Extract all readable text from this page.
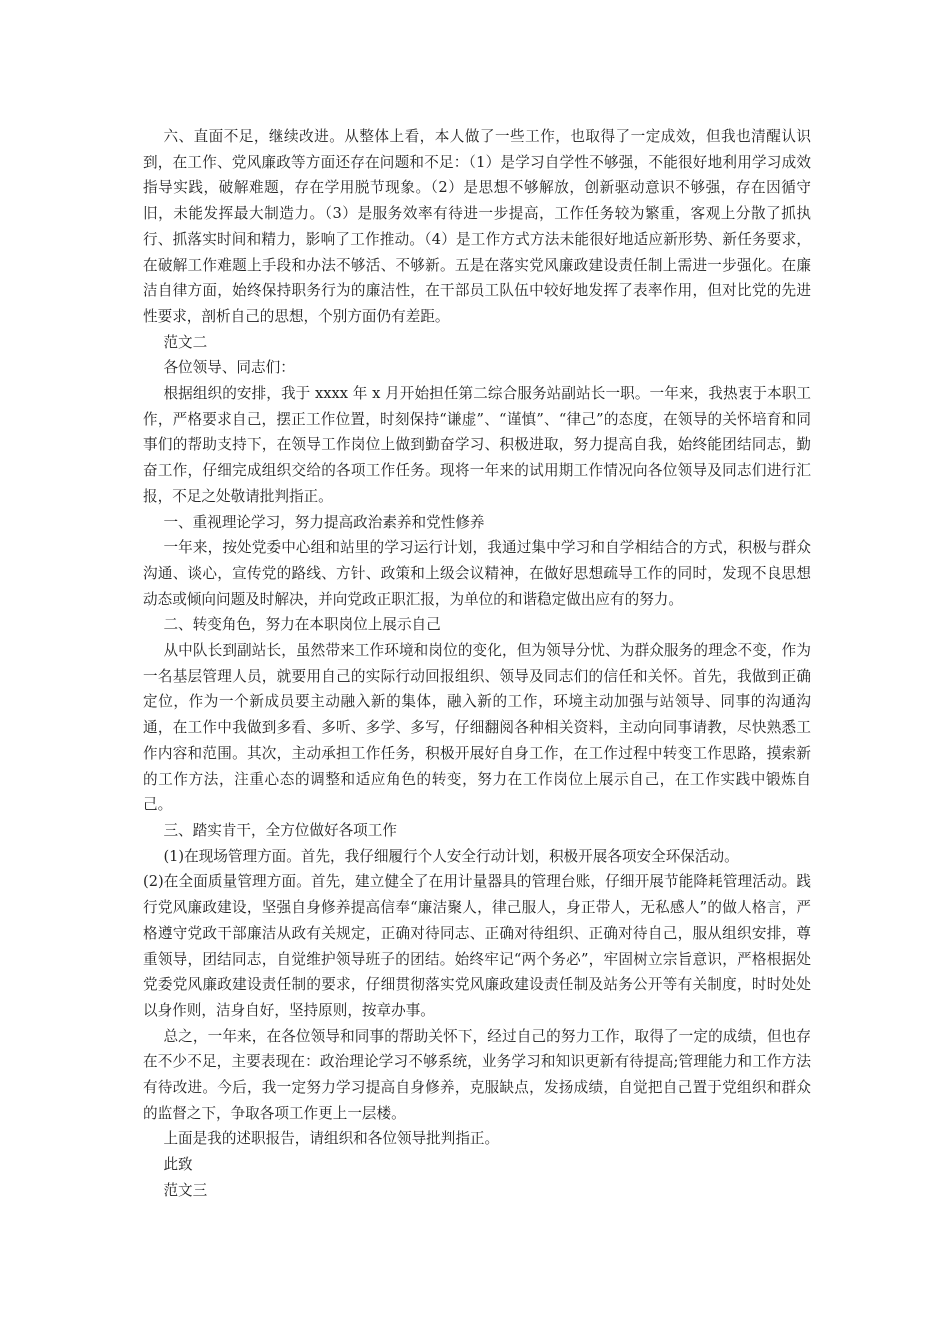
六、直面不足，继续改进。从整体上看，本人做了一些工作，也取得了一定成效，但我也清醒认识到，在工作、党风廉政等方面还存在问题和不足：（1）是学习自学性不够强，不能很好地利用学习成效指导实践，破解难题，存在学用脱节现象。（2）是思想不够解放，创新驱动意识不够强，存在因循守旧，未能发挥最大制造力。（3）是服务效率有待进一步提高，工作任务较为繁重，客观上分散了抓执行、抓落实时间和精力，影响了工作推动。（4）是工作方式方法未能很好地适应新形势、新任务要求，在破解工作难题上手段和办法不够活、不够新。五是在落实党风廉政建设责任制上需进一步强化。在廉洁自律方面，始终保持职务行为的廉洁性，在干部员工队伍中较好地发挥了表率作用，但对比党的先进性要求，剖析自己的思想，个别方面仍有差距。

范文二

各位领导、同志们：

根据组织的安排，我于 xxxx 年 x 月开始担任第二综合服务站副站长一职。一年来，我热衷于本职工作，严格要求自己，摆正工作位置，时刻保持“谦虚”、“谨慎”、“律己”的态度，在领导的关怀培育和同事们的帮助支持下，在领导工作岗位上做到勤奋学习、积极进取，努力提高自我，始终能团结同志，勤奋工作，仔细完成组织交给的各项工作任务。现将一年来的试用期工作情况向各位领导及同志们进行汇报，不足之处敬请批判指正。

一、重视理论学习，努力提高政治素养和党性修养

一年来，按处党委中心组和站里的学习运行计划，我通过集中学习和自学相结合的方式，积极与群众沟通、谈心，宣传党的路线、方针、政策和上级会议精神，在做好思想疏导工作的同时，发现不良思想动态或倾向问题及时解决，并向党政正职汇报，为单位的和谐稳定做出应有的努力。

二、转变角色，努力在本职岗位上展示自己

从中队长到副站长，虽然带来工作环境和岗位的变化，但为领导分忧、为群众服务的理念不变，作为一名基层管理人员，就要用自己的实际行动回报组织、领导及同志们的信任和关怀。首先，我做到正确定位，作为一个新成员要主动融入新的集体，融入新的工作，环境主动加强与站领导、同事的沟通沟通，在工作中我做到多看、多听、多学、多写，仔细翻阅各种相关资料，主动向同事请教，尽快熟悉工作内容和范围。其次，主动承担工作任务，积极开展好自身工作，在工作过程中转变工作思路，摸索新的工作方法，注重心态的调整和适应角色的转变，努力在工作岗位上展示自己，在工作实践中锻炼自己。

三、踏实肯干，全方位做好各项工作

(1)在现场管理方面。首先，我仔细履行个人安全行动计划，积极开展各项安全环保活动。

(2)在全面质量管理方面。首先，建立健全了在用计量器具的管理台账，仔细开展节能降耗管理活动。践行党风廉政建设，坚强自身修养提高信奉“廉洁聚人，律己服人，身正带人，无私感人”的做人格言，严格遵守党政干部廉洁从政有关规定，正确对待同志、正确对待组织、正确对待自己，服从组织安排，尊重领导，团结同志，自觉维护领导班子的团结。始终牢记“两个务必”，牢固树立宗旨意识，严格根据处党委党风廉政建设责任制的要求，仔细贯彻落实党风廉政建设责任制及站务公开等有关制度，时时处处以身作则，洁身自好，坚持原则，按章办事。

总之，一年来，在各位领导和同事的帮助关怀下，经过自己的努力工作，取得了一定的成绩，但也存在不少不足，主要表现在：政治理论学习不够系统，业务学习和知识更新有待提高;管理能力和工作方法有待改进。今后，我一定努力学习提高自身修养，克服缺点，发扬成绩，自觉把自己置于党组织和群众的监督之下，争取各项工作更上一层楼。

上面是我的述职报告，请组织和各位领导批判指正。

此致

范文三
